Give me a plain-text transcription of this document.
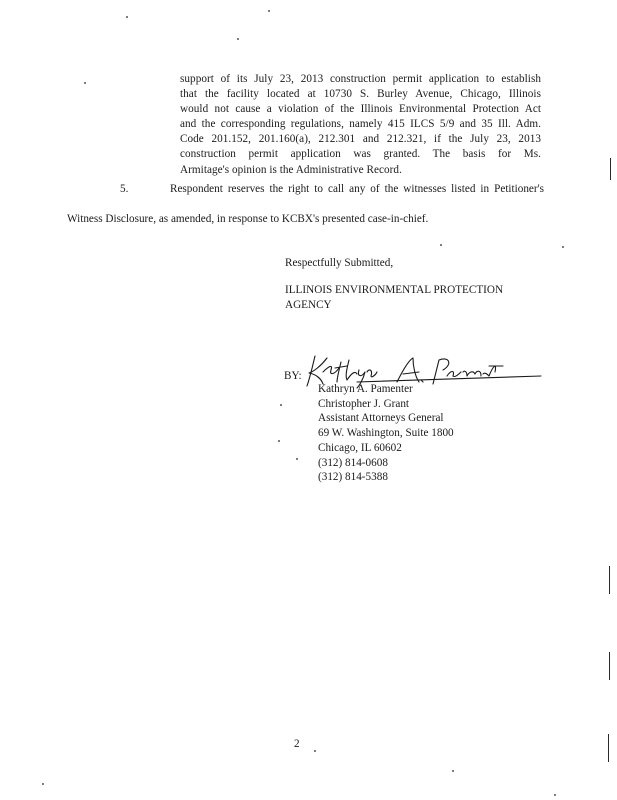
support of its July 23, 2013 construction permit application to establish
that the facility located at 10730 S. Burley Avenue, Chicago, Illinois
would not cause a violation of the Illinois Environmental Protection Act
and the corresponding regulations, namely 415 ILCS 5/9 and 35 Ill. Adm.
Code 201.152, 201.160(a), 212.301 and 212.321, if the July 23, 2013
construction permit application was granted. The basis for Ms.
Armitage's opinion is the Administrative Record.
5.	Respondent reserves the right to call any of the witnesses listed in Petitioner's
Witness Disclosure, as amended, in response to KCBX's presented case-in-chief.
Respectfully Submitted,
ILLINOIS ENVIRONMENTAL PROTECTION
AGENCY
BY:
Kathryn A. Pamenter
Christopher J. Grant
Assistant Attorneys General
69 W. Washington, Suite 1800
Chicago, IL 60602
(312) 814-0608
(312) 814-5388
2
